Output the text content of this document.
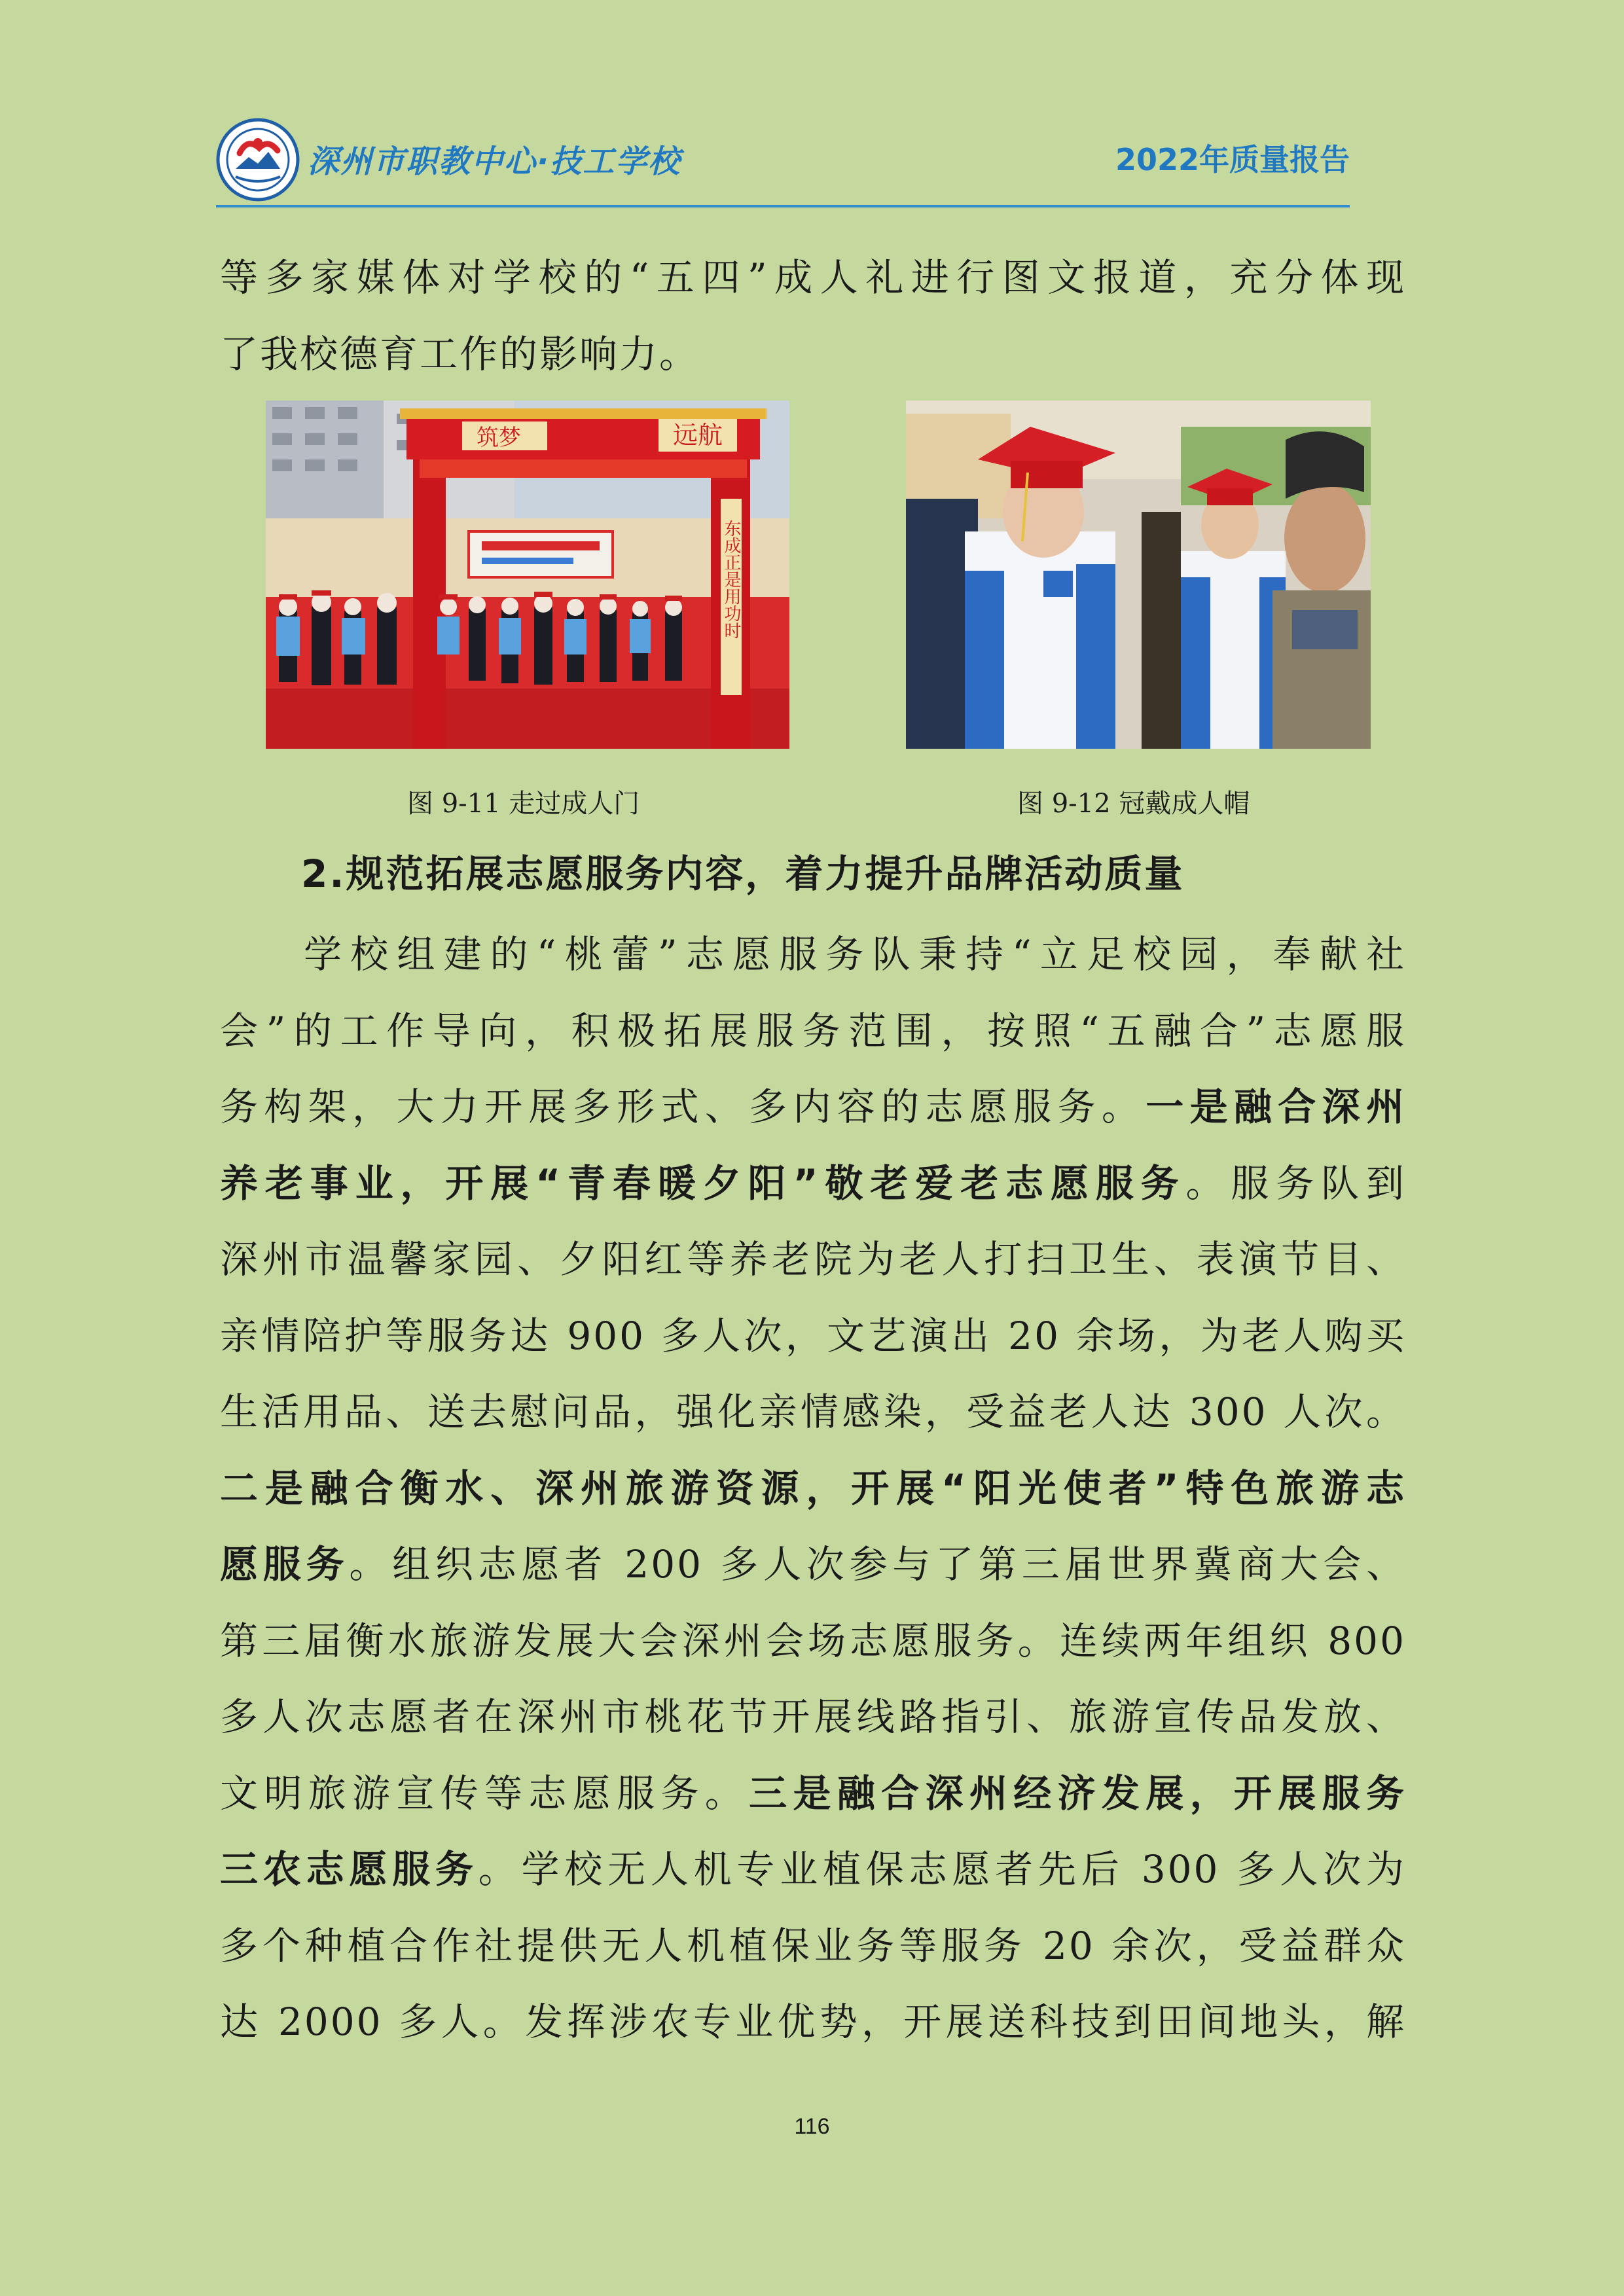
深州市职教中心·技工学校	2022年质量报告
等多家媒体对学校的“五四”成人礼进行图文报道，充分体现
了我校德育工作的影响力。
筑梦	远航
东成正是用功时
图 9-11 走过成人门	图 9-12 冠戴成人帽
2.规范拓展志愿服务内容，着力提升品牌活动质量
学校组建的“桃蕾”志愿服务队秉持“立足校园，奉献社
会”的工作导向，积极拓展服务范围，按照“五融合”志愿服
务构架，大力开展多形式、多内容的志愿服务。一是融合深州
养老事业，开展“青春暖夕阳”敬老爱老志愿服务。服务队到
深州市温馨家园、夕阳红等养老院为老人打扫卫生、表演节目、
亲情陪护等服务达 900 多人次，文艺演出 20 余场，为老人购买
生活用品、送去慰问品，强化亲情感染，受益老人达 300 人次。
二是融合衡水、深州旅游资源，开展“阳光使者”特色旅游志
愿服务。组织志愿者 200 多人次参与了第三届世界冀商大会、
第三届衡水旅游发展大会深州会场志愿服务。连续两年组织 800
多人次志愿者在深州市桃花节开展线路指引、旅游宣传品发放、
文明旅游宣传等志愿服务。三是融合深州经济发展，开展服务
三农志愿服务。学校无人机专业植保志愿者先后 300 多人次为
多个种植合作社提供无人机植保业务等服务 20 余次，受益群众
达 2000 多人。发挥涉农专业优势，开展送科技到田间地头，解
116
